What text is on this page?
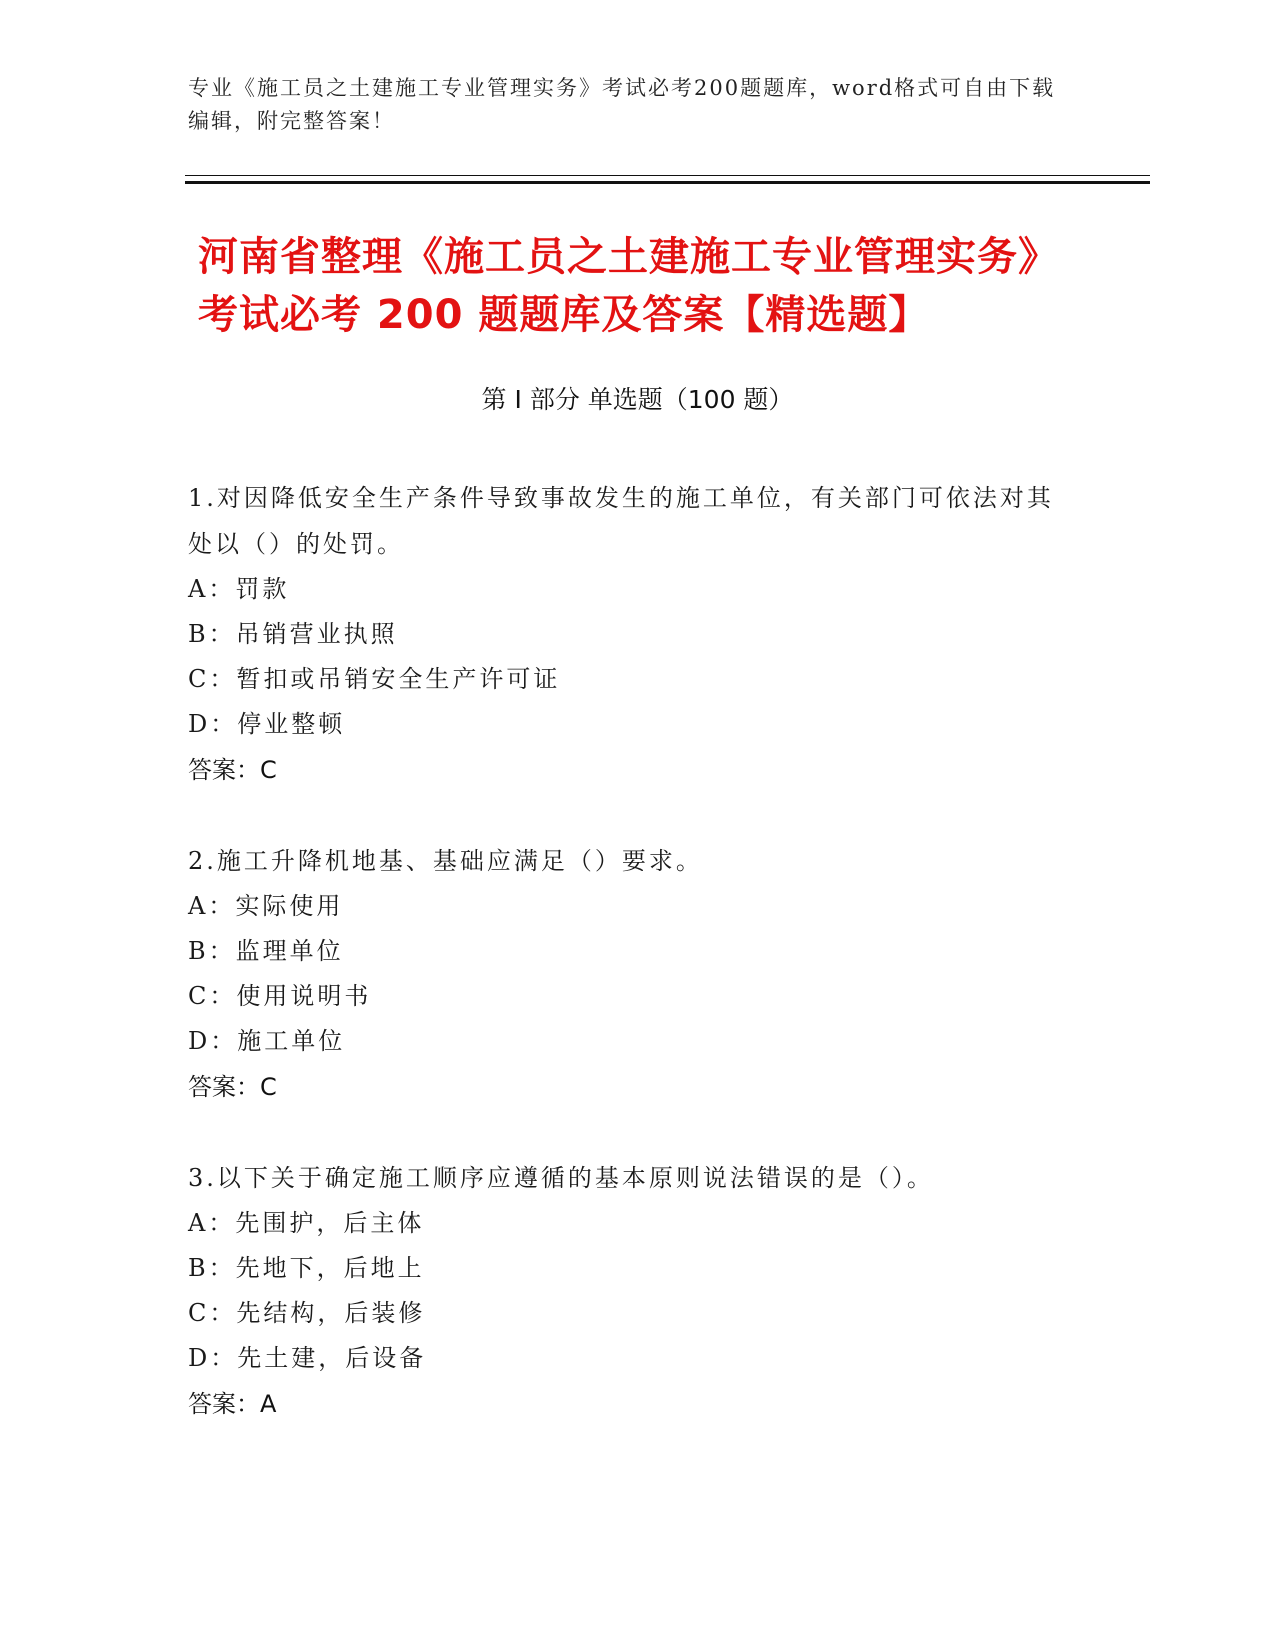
专业《施工员之土建施工专业管理实务》考试必考200题题库，word格式可自由下载编辑，附完整答案！
河南省整理《施工员之土建施工专业管理实务》考试必考 200 题题库及答案【精选题】
第 I 部分 单选题（100 题）
1.对因降低安全生产条件导致事故发生的施工单位，有关部门可依法对其处以（）的处罚。
A：罚款
B：吊销营业执照
C：暂扣或吊销安全生产许可证
D：停业整顿
答案：C
2.施工升降机地基、基础应满足（）要求。
A：实际使用
B：监理单位
C：使用说明书
D：施工单位
答案：C
3.以下关于确定施工顺序应遵循的基本原则说法错误的是（）。
A：先围护，后主体
B：先地下，后地上
C：先结构，后装修
D：先土建，后设备
答案：A
